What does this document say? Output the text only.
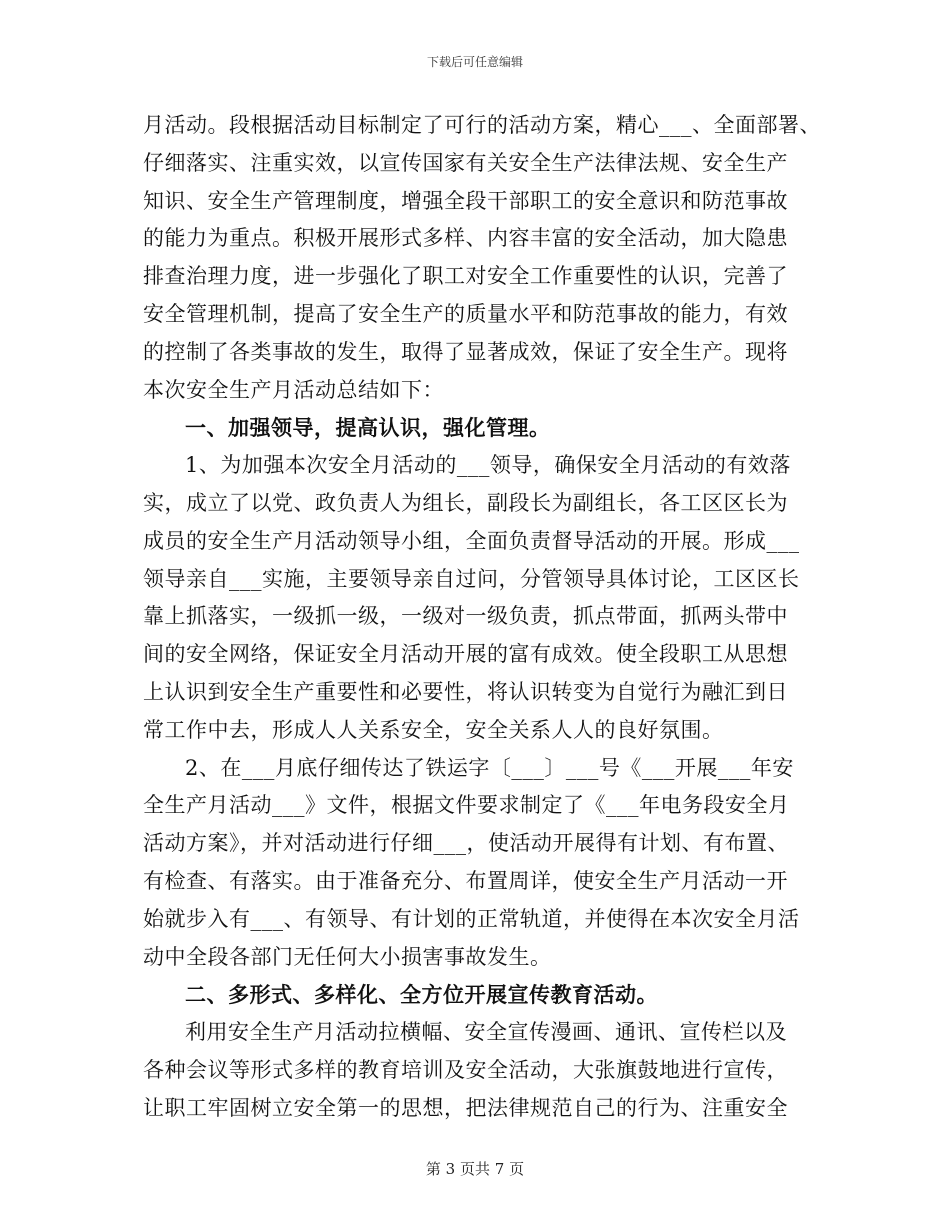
下载后可任意编辑
月活动。段根据活动目标制定了可行的活动方案，精心___、全面部署、
仔细落实、注重实效，以宣传国家有关安全生产法律法规、安全生产
知识、安全生产管理制度，增强全段干部职工的安全意识和防范事故
的能力为重点。积极开展形式多样、内容丰富的安全活动，加大隐患
排查治理力度，进一步强化了职工对安全工作重要性的认识，完善了
安全管理机制，提高了安全生产的质量水平和防范事故的能力，有效
的控制了各类事故的发生，取得了显著成效，保证了安全生产。现将
本次安全生产月活动总结如下：
一、加强领导，提高认识，强化管理。
1、为加强本次安全月活动的___领导，确保安全月活动的有效落
实，成立了以党、政负责人为组长，副段长为副组长，各工区区长为
成员的安全生产月活动领导小组，全面负责督导活动的开展。形成___
领导亲自___实施，主要领导亲自过问，分管领导具体讨论，工区区长
靠上抓落实，一级抓一级，一级对一级负责，抓点带面，抓两头带中
间的安全网络，保证安全月活动开展的富有成效。使全段职工从思想
上认识到安全生产重要性和必要性，将认识转变为自觉行为融汇到日
常工作中去，形成人人关系安全，安全关系人人的良好氛围。
2、在___月底仔细传达了铁运字〔___〕___号《___开展___年安
全生产月活动___》文件，根据文件要求制定了《___年电务段安全月
活动方案》，并对活动进行仔细___，使活动开展得有计划、有布置、
有检查、有落实。由于准备充分、布置周详，使安全生产月活动一开
始就步入有___、有领导、有计划的正常轨道，并使得在本次安全月活
动中全段各部门无任何大小损害事故发生。
二、多形式、多样化、全方位开展宣传教育活动。
利用安全生产月活动拉横幅、安全宣传漫画、通讯、宣传栏以及
各种会议等形式多样的教育培训及安全活动，大张旗鼓地进行宣传，
让职工牢固树立安全第一的思想，把法律规范自己的行为、注重安全
第 3 页共 7 页
